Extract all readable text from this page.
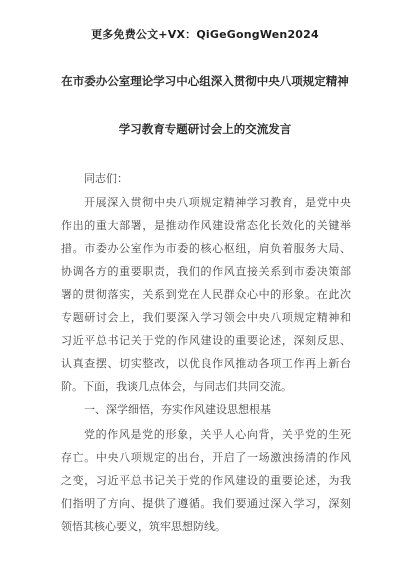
更多免费公文+VX：QiGeGongWen2024
在市委办公室理论学习中心组深入贯彻中央八项规定精神
学习教育专题研讨会上的交流发言
同志们：
开展深入贯彻中央八项规定精神学习教育，是党中央
作出的重大部署，是推动作风建设常态化长效化的关键举
措。市委办公室作为市委的核心枢纽，肩负着服务大局、
协调各方的重要职责，我们的作风直接关系到市委决策部
署的贯彻落实，关系到党在人民群众心中的形象。在此次
专题研讨会上，我们要深入学习领会中央八项规定精神和
习近平总书记关于党的作风建设的重要论述，深刻反思、
认真查摆、切实整改，以优良作风推动各项工作再上新台
阶。下面，我谈几点体会，与同志们共同交流。
一、深学细悟，夯实作风建设思想根基
党的作风是党的形象，关乎人心向背，关乎党的生死
存亡。中央八项规定的出台，开启了一场激浊扬清的作风
之变，习近平总书记关于党的作风建设的重要论述，为我
们指明了方向、提供了遵循。我们要通过深入学习，深刻
领悟其核心要义，筑牢思想防线。
